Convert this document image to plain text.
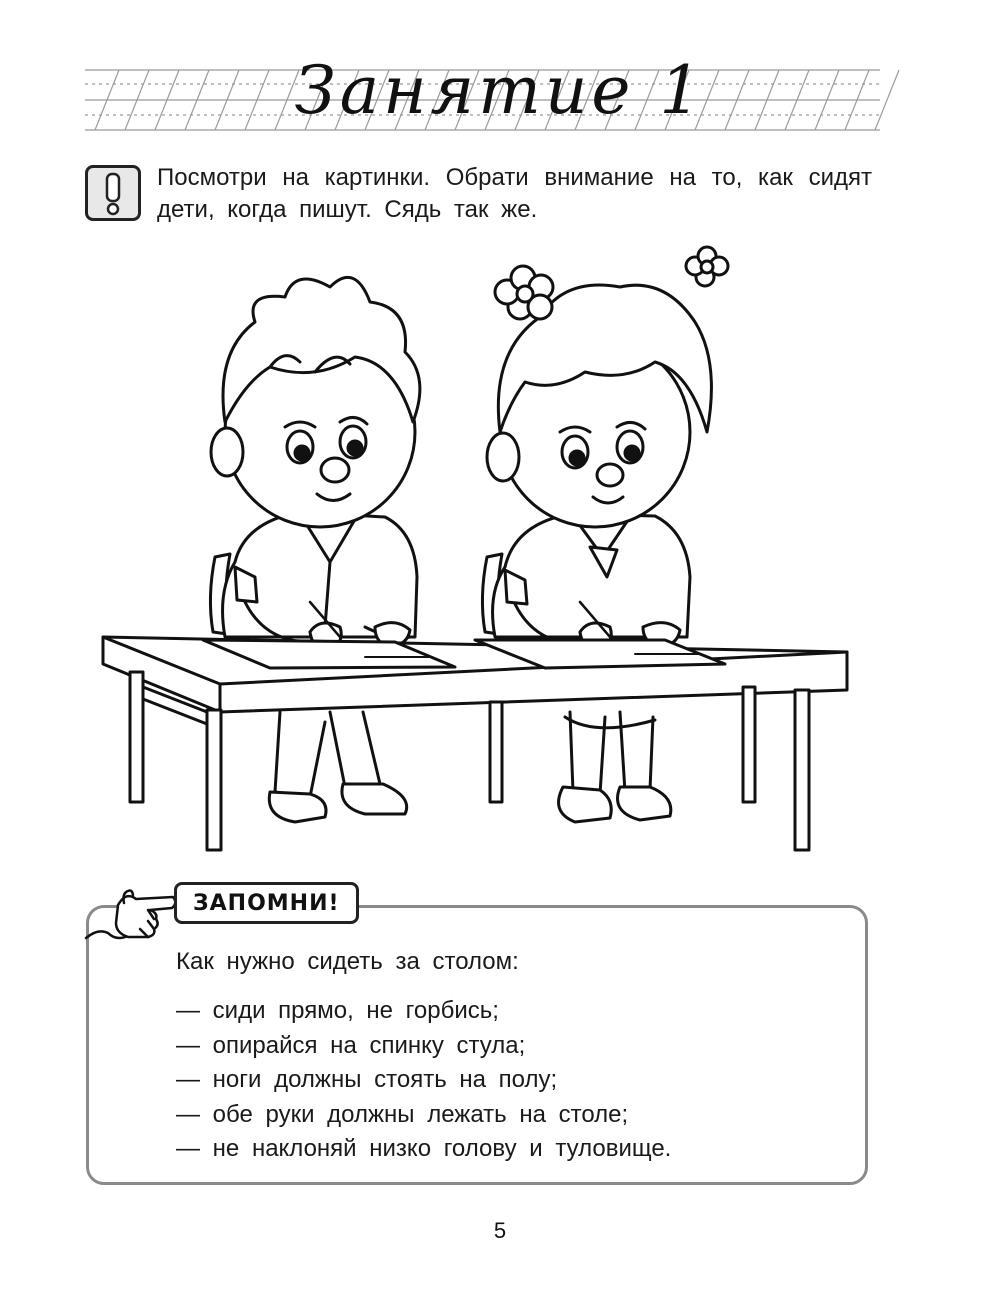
Занятие 1
Посмотри на картинки. Обрати внимание на то, как сидят дети, когда пишут. Сядь так же.
ЗАПОМНИ!
Как нужно сидеть за столом:
— сиди прямо, не горбись;
— опирайся на спинку стула;
— ноги должны стоять на полу;
— обе руки должны лежать на столе;
— не наклоняй низко голову и туловище.
5
